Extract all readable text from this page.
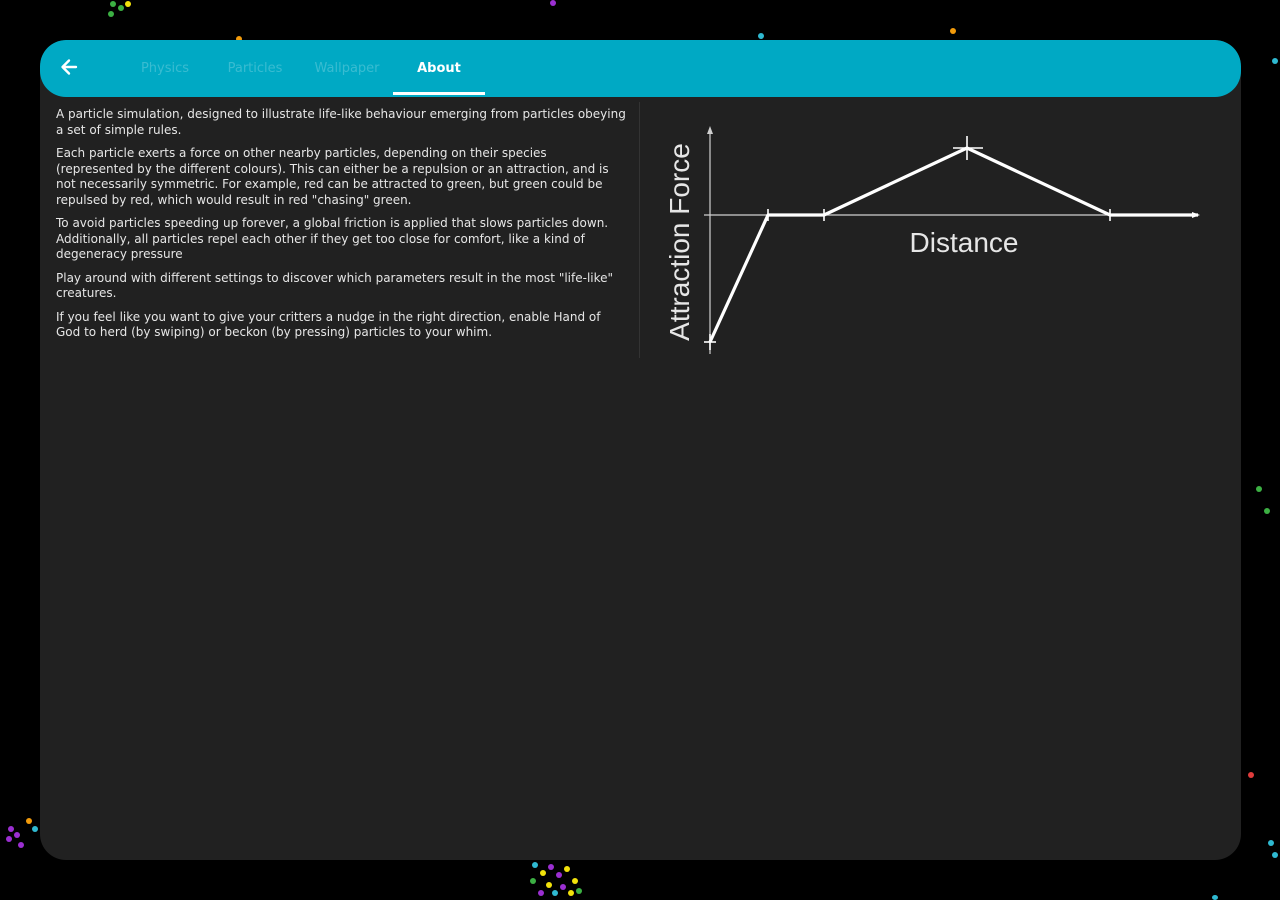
Physics	Particles Wallpaper	About

A particle simulation, designed to illustrate life-like behaviour emerging from particles obeying a set of simple rules.

Each particle exerts a force on other nearby particles, depending on their species (represented by the different colours). This can either be a repulsion or an attraction, and is not necessarily symmetric. For example, red can be attracted to green, but green could be repulsed by red, which would result in red "chasing" green.

To avoid particles speeding up forever, a global friction is applied that slows particles down. Additionally, all particles repel each other if they get too close for comfort, like a kind of degeneracy pressure

Play around with different settings to discover which parameters result in the most "life-like" creatures.

If you feel like you want to give your critters a nudge in the right direction, enable Hand of God to herd (by swiping) or beckon (by pressing) particles to your whim.	Attraction Force	Distance
